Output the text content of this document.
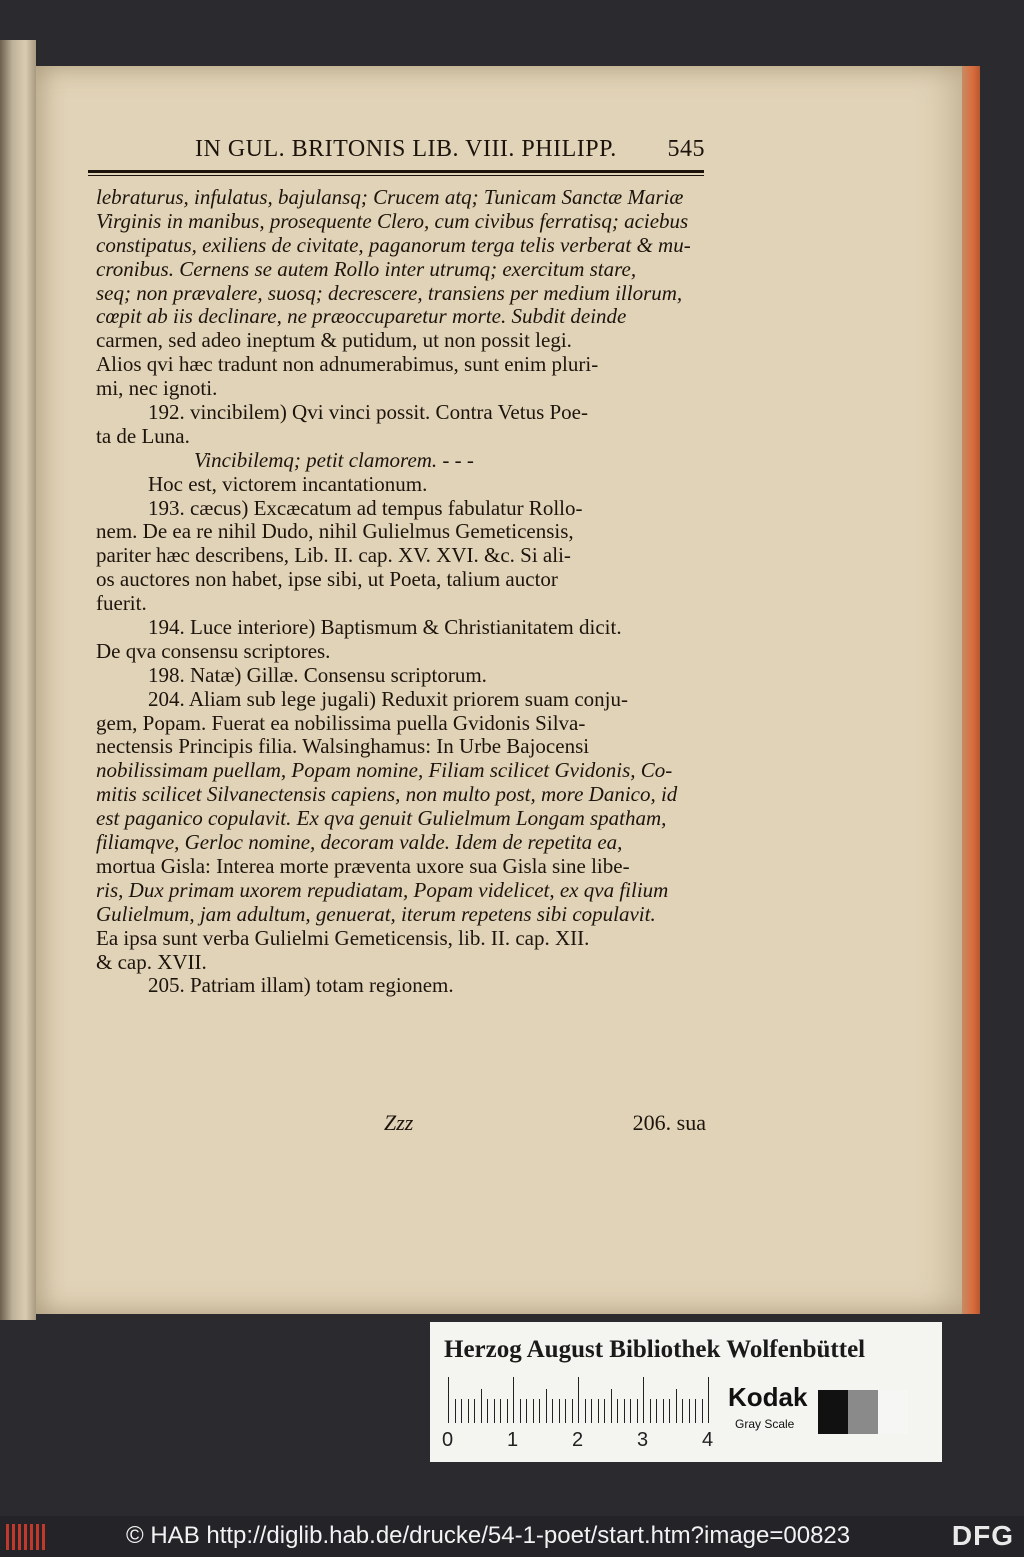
IN GUL. BRITONIS LIB. VIII. PHILIPP. 545
lebraturus, infulatus, bajulansq; Crucem atq; Tunicam Sanctæ Mariæ
Virginis in manibus, prosequente Clero, cum civibus ferratisq; aciebus
constipatus, exiliens de civitate, paganorum terga telis verberat & mu-
cronibus. Cernens se autem Rollo inter utrumq; exercitum stare,
seq; non prævalere, suosq; decrescere, transiens per medium illorum,
cœpit ab iis declinare, ne præoccuparetur morte. Subdit deinde
carmen, sed adeo ineptum & putidum, ut non possit legi.
Alios qvi hæc tradunt non adnumerabimus, sunt enim pluri-
mi, nec ignoti.
192. vincibilem) Qvi vinci possit. Contra Vetus Poe-
ta de Luna.
Vincibilemq; petit clamorem. - - -
Hoc est, victorem incantationum.
193. cæcus) Excæcatum ad tempus fabulatur Rollo-
nem. De ea re nihil Dudo, nihil Gulielmus Gemeticensis,
pariter hæc describens, Lib. II. cap. XV. XVI. &c. Si ali-
os auctores non habet, ipse sibi, ut Poeta, talium auctor
fuerit.
194. Luce interiore) Baptismum & Christianitatem dicit.
De qva consensu scriptores.
198. Natæ) Gillæ. Consensu scriptorum.
204. Aliam sub lege jugali) Reduxit priorem suam conju-
gem, Popam. Fuerat ea nobilissima puella Gvidonis Silva-
nectensis Principis filia. Walsinghamus: In Urbe Bajocensi
nobilissimam puellam, Popam nomine, Filiam scilicet Gvidonis, Co-
mitis scilicet Silvanectensis capiens, non multo post, more Danico, id
est paganico copulavit. Ex qva genuit Gulielmum Longam spatham,
filiamqve, Gerloc nomine, decoram valde. Idem de repetita ea,
mortua Gisla: Interea morte præventa uxore sua Gisla sine libe-
ris, Dux primam uxorem repudiatam, Popam videlicet, ex qva filium
Gulielmum, jam adultum, genuerat, iterum repetens sibi copulavit.
Ea ipsa sunt verba Gulielmi Gemeticensis, lib. II. cap. XII.
& cap. XVII.
205. Patriam illam) totam regionem.
Zzz	206. sua
Herzog August Bibliothek Wolfenbüttel
0	1	2	3	4
Kodak
Gray Scale
© HAB http://diglib.hab.de/drucke/54-1-poet/start.htm?image=00823	DFG
